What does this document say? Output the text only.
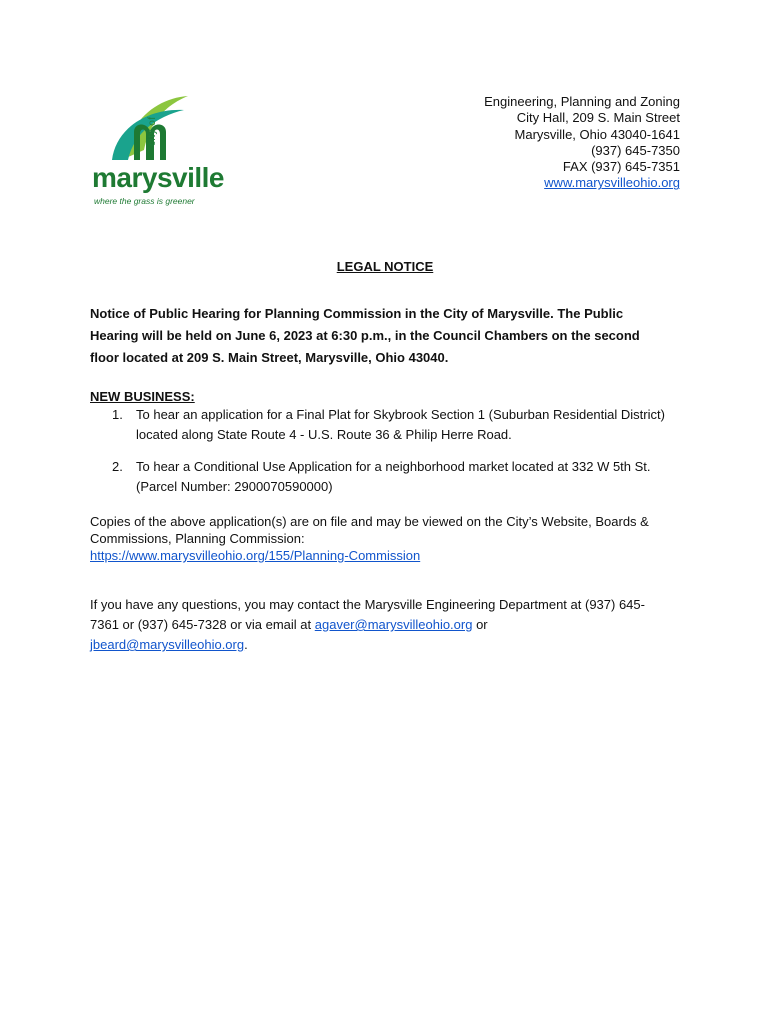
city of
marysville
where the grass is greener
Engineering, Planning and Zoning
City Hall, 209 S. Main Street
Marysville, Ohio 43040-1641
(937) 645-7350
FAX (937) 645-7351
www.marysvilleohio.org
LEGAL NOTICE
Notice of Public Hearing for Planning Commission in the City of Marysville. The Public Hearing will be held on June 6, 2023 at 6:30 p.m., in the Council Chambers on the second floor located at 209 S. Main Street, Marysville, Ohio 43040.
NEW BUSINESS:
1. To hear an application for a Final Plat for Skybrook Section 1 (Suburban Residential District) located along State Route 4 - U.S. Route 36 & Philip Herre Road.
2. To hear a Conditional Use Application for a neighborhood market located at 332 W 5th St. (Parcel Number: 2900070590000)
Copies of the above application(s) are on file and may be viewed on the City’s Website, Boards & Commissions, Planning Commission:
https://www.marysvilleohio.org/155/Planning-Commission
If you have any questions, you may contact the Marysville Engineering Department at (937) 645-7361 or (937) 645-7328 or via email at agaver@marysvilleohio.org or
jbeard@marysvilleohio.org.
